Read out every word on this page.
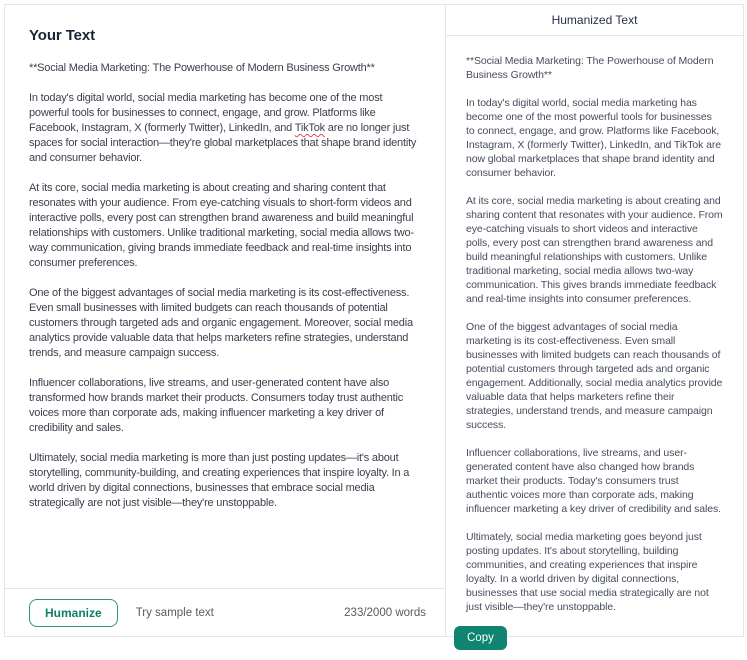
Your Text

**Social Media Marketing: The Powerhouse of Modern Business Growth**

In today's digital world, social media marketing has become one of the most powerful tools for businesses to connect, engage, and grow. Platforms like Facebook, Instagram, X (formerly Twitter), LinkedIn, and TikTok are no longer just spaces for social interaction—they're global marketplaces that shape brand identity and consumer behavior.

At its core, social media marketing is about creating and sharing content that resonates with your audience. From eye-catching visuals to short-form videos and interactive polls, every post can strengthen brand awareness and build meaningful relationships with customers. Unlike traditional marketing, social media allows two-way communication, giving brands immediate feedback and real-time insights into consumer preferences.

One of the biggest advantages of social media marketing is its cost-effectiveness. Even small businesses with limited budgets can reach thousands of potential customers through targeted ads and organic engagement. Moreover, social media analytics provide valuable data that helps marketers refine strategies, understand trends, and measure campaign success.

Influencer collaborations, live streams, and user-generated content have also transformed how brands market their products. Consumers today trust authentic voices more than corporate ads, making influencer marketing a key driver of credibility and sales.

Ultimately, social media marketing is more than just posting updates—it's about storytelling, community-building, and creating experiences that inspire loyalty. In a world driven by digital connections, businesses that embrace social media strategically are not just visible—they're unstoppable.

Humanize	Try sample text	233/2000 words
Humanized Text

**Social Media Marketing: The Powerhouse of Modern Business Growth**

In today's digital world, social media marketing has become one of the most powerful tools for businesses to connect, engage, and grow. Platforms like Facebook, Instagram, X (formerly Twitter), LinkedIn, and TikTok are now global marketplaces that shape brand identity and consumer behavior.

At its core, social media marketing is about creating and sharing content that resonates with your audience. From eye-catching visuals to short videos and interactive polls, every post can strengthen brand awareness and build meaningful relationships with customers. Unlike traditional marketing, social media allows two-way communication. This gives brands immediate feedback and real-time insights into consumer preferences.

One of the biggest advantages of social media marketing is its cost-effectiveness. Even small businesses with limited budgets can reach thousands of potential customers through targeted ads and organic engagement. Additionally, social media analytics provide valuable data that helps marketers refine their strategies, understand trends, and measure campaign success.

Influencer collaborations, live streams, and user-generated content have also changed how brands market their products. Today's consumers trust authentic voices more than corporate ads, making influencer marketing a key driver of credibility and sales.

Ultimately, social media marketing goes beyond just posting updates. It's about storytelling, building communities, and creating experiences that inspire loyalty. In a world driven by digital connections, businesses that use social media strategically are not just visible—they're unstoppable.

Copy
